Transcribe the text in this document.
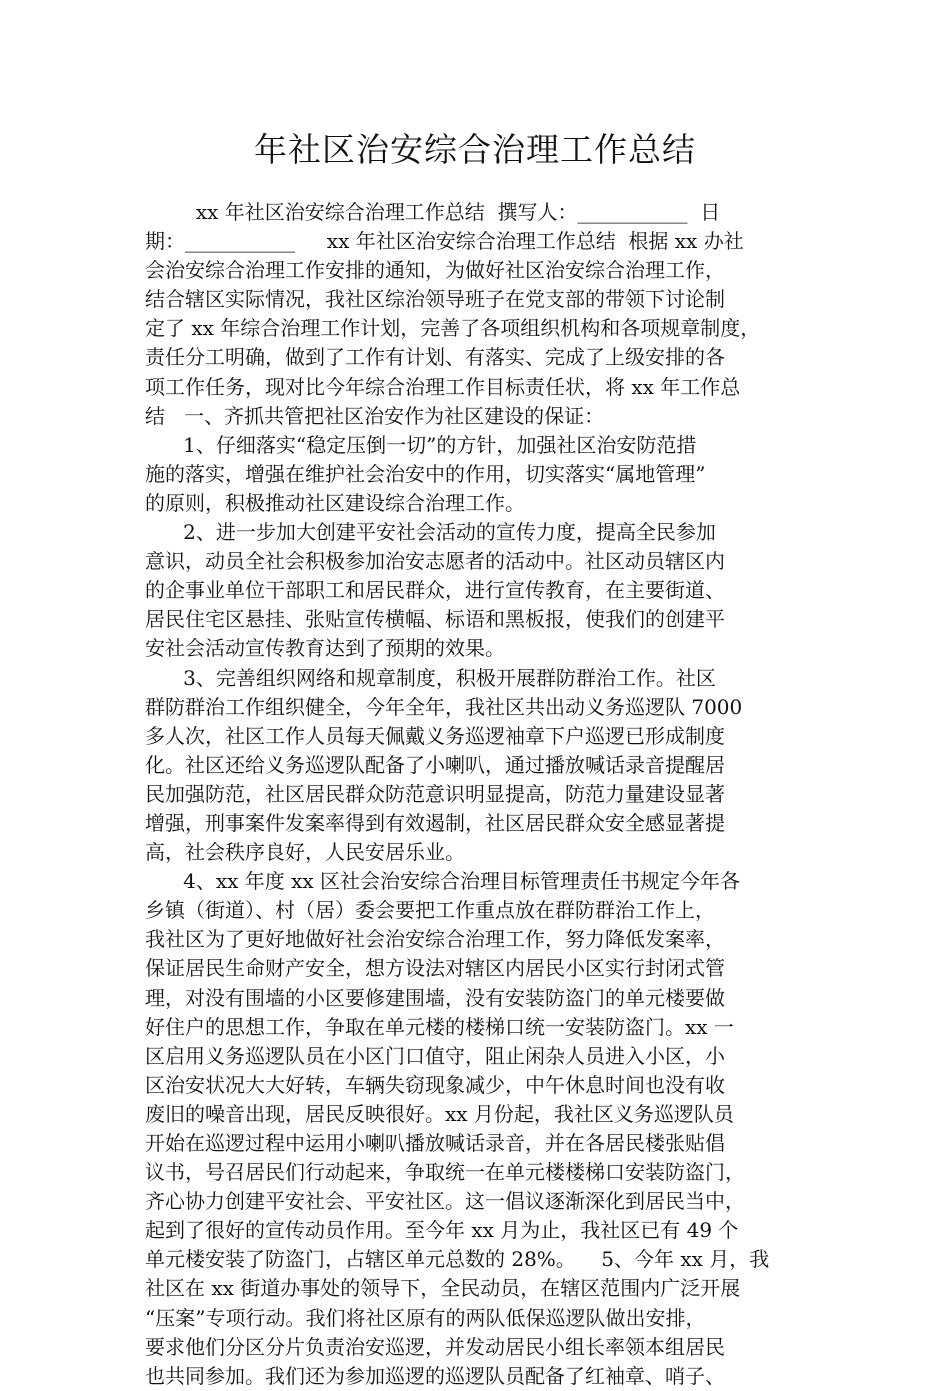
年社区治安综合治理工作总结
xx 年社区治安综合治理工作总结  撰写人：___________  日
期：___________     xx 年社区治安综合治理工作总结  根据 xx 办社
会治安综合治理工作安排的通知，为做好社区治安综合治理工作，
结合辖区实际情况，我社区综治领导班子在党支部的带领下讨论制
定了 xx 年综合治理工作计划，完善了各项组织机构和各项规章制度，
责任分工明确，做到了工作有计划、有落实、完成了上级安排的各
项工作任务，现对比今年综合治理工作目标责任状，将 xx 年工作总
结   一、齐抓共管把社区治安作为社区建设的保证：
1、仔细落实“稳定压倒一切”的方针，加强社区治安防范措
施的落实，增强在维护社会治安中的作用，切实落实“属地管理”
的原则，积极推动社区建设综合治理工作。
2、进一步加大创建平安社会活动的宣传力度，提高全民参加
意识，动员全社会积极参加治安志愿者的活动中。社区动员辖区内
的企事业单位干部职工和居民群众，进行宣传教育，在主要街道、
居民住宅区悬挂、张贴宣传横幅、标语和黑板报，使我们的创建平
安社会活动宣传教育达到了预期的效果。
3、完善组织网络和规章制度，积极开展群防群治工作。社区
群防群治工作组织健全，今年全年，我社区共出动义务巡逻队 7000
多人次，社区工作人员每天佩戴义务巡逻袖章下户巡逻已形成制度
化。社区还给义务巡逻队配备了小喇叭，通过播放喊话录音提醒居
民加强防范，社区居民群众防范意识明显提高，防范力量建设显著
增强，刑事案件发案率得到有效遏制，社区居民群众安全感显著提
高，社会秩序良好，人民安居乐业。
4、xx 年度 xx 区社会治安综合治理目标管理责任书规定今年各
乡镇（街道）、村（居）委会要把工作重点放在群防群治工作上，
我社区为了更好地做好社会治安综合治理工作，努力降低发案率，
保证居民生命财产安全，想方设法对辖区内居民小区实行封闭式管
理，对没有围墙的小区要修建围墙，没有安装防盗门的单元楼要做
好住户的思想工作，争取在单元楼的楼梯口统一安装防盗门。xx 一
区启用义务巡逻队员在小区门口值守，阻止闲杂人员进入小区，小
区治安状况大大好转，车辆失窃现象减少，中午休息时间也没有收
废旧的噪音出现，居民反映很好。xx 月份起，我社区义务巡逻队员
开始在巡逻过程中运用小喇叭播放喊话录音，并在各居民楼张贴倡
议书，号召居民们行动起来，争取统一在单元楼楼梯口安装防盗门，
齐心协力创建平安社会、平安社区。这一倡议逐渐深化到居民当中，
起到了很好的宣传动员作用。至今年 xx 月为止，我社区已有 49 个
单元楼安装了防盗门，占辖区单元总数的 28%。    5、今年 xx 月，我
社区在 xx 街道办事处的领导下，全民动员，在辖区范围内广泛开展
“压案”专项行动。我们将社区原有的两队低保巡逻队做出安排，
要求他们分区分片负责治安巡逻，并发动居民小组长率领本组居民
也共同参加。我们还为参加巡逻的巡逻队员配备了红袖章、哨子、
